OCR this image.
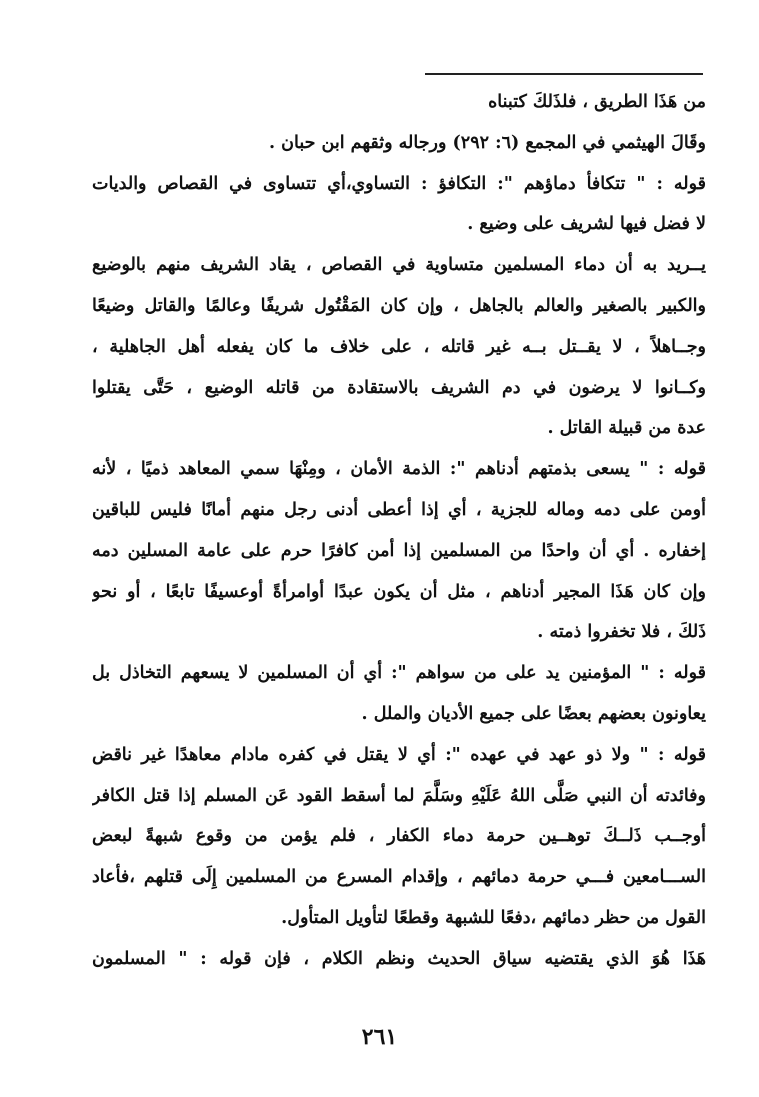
من هَذَا الطريق ، فلذَلكَ كتبناه
وقَالَ الهيثمي في المجمع (٦: ٢٩٢) ورجاله وثقهم ابن حبان .
قوله : " تتكافأ دماؤهم ": التكافؤ : التساوي،أي تتساوى في القصاص والديات
لا فضل فيها لشريف على وضيع .
يــريد به أن دماء المسلمين متساوية في القصاص ، يقاد الشريف منهم بالوضيع
والكبير بالصغير والعالم بالجاهل ، وإن كان المَقْتُول شريفًا وعالمًا والقاتل وضيعًا
وجــاهلاً ، لا يقــتل بــه غير قاتله ، على خلاف ما كان يفعله أهل الجاهلية ،
وكــانوا لا يرضون في دم الشريف بالاستقادة من قاتله الوضيع ، حَتَّى يقتلوا
عدة من قبيلة القاتل .
قوله : " يسعى بذمتهم أدناهم ": الذمة الأمان ، ومِنْهَا سمي المعاهد ذميًا ، لأنه
أومن على دمه وماله للجزية ، أي إذا أعطى أدنى رجل منهم أمانًا فليس للباقين
إخفاره . أي أن واحدًا من المسلمين إذا أمن كافرًا حرم على عامة المسلين دمه
وإن كان هَذَا المجير أدناهم ، مثل أن يكون عبدًا أوامرأةً أوعسيفًا تابعًا ، أو نحو
ذَلكَ ، فلا تخفروا ذمته .
قوله : " المؤمنين يد على من سواهم ": أي أن المسلمين لا يسعهم التخاذل بل
يعاونون بعضهم بعضًا على جميع الأديان والملل .
قوله : " ولا ذو عهد في عهده ": أي لا يقتل في كفره مادام معاهدًا غير ناقض
وفائدته أن النبي صَلَّى اللهُ عَلَيْهِ وسَلَّمَ لما أسقط القود عَن المسلم إذا قتل الكافر
أوجــب ذَلــكَ توهــين حرمة دماء الكفار ، فلم يؤمن من وقوع شبهةً لبعض
الســـامعين فـــي حرمة دمائهم ، وإقدام المسرع من المسلمين إِلَى قتلهم ،فأعاد
القول من حظر دمائهم ،دفعًا للشبهة وقطعًا لتأويل المتأول.
هَذَا هُوَ الذي يقتضيه سياق الحديث ونظم الكلام ، فإن قوله : " المسلمون
٢٦١
